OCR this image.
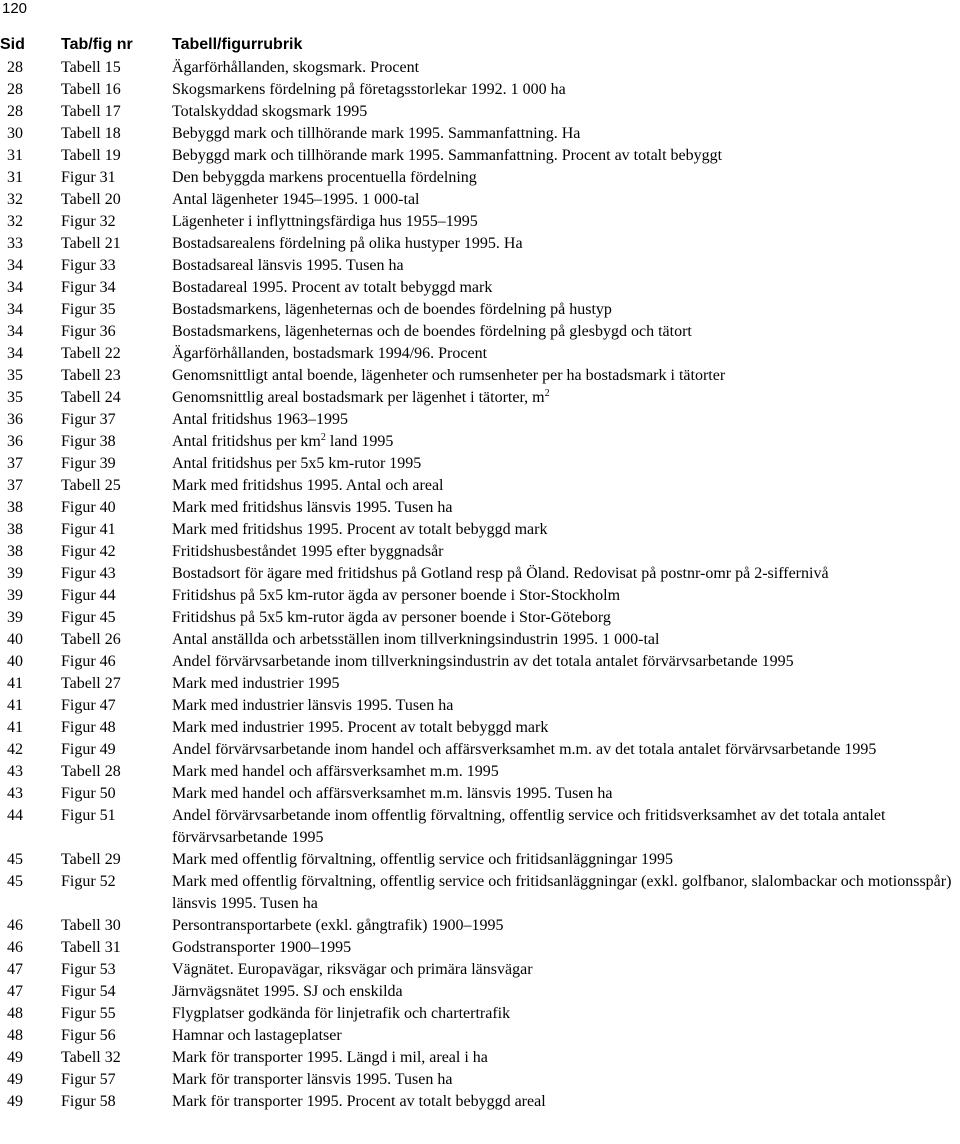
120
Sid	Tab/fig nr	Tabell/figurrubrik
28	Tabell 15	Ägarförhållanden, skogsmark. Procent
28	Tabell 16	Skogsmarkens fördelning på företagsstorlekar 1992. 1 000 ha
28	Tabell 17	Totalskyddad skogsmark 1995
30	Tabell 18	Bebyggd mark och tillhörande mark 1995. Sammanfattning. Ha
31	Tabell 19	Bebyggd mark och tillhörande mark 1995. Sammanfattning. Procent av totalt bebyggt
31	Figur 31	Den bebyggda markens procentuella fördelning
32	Tabell 20	Antal lägenheter 1945–1995. 1 000-tal
32	Figur 32	Lägenheter i inflyttningsfärdiga hus 1955–1995
33	Tabell 21	Bostadsarealens fördelning på olika hustyper 1995. Ha
34	Figur 33	Bostadsareal länsvis 1995. Tusen ha
34	Figur 34	Bostadareal 1995. Procent av totalt bebyggd mark
34	Figur 35	Bostadsmarkens, lägenheternas och de boendes fördelning på hustyp
34	Figur 36	Bostadsmarkens, lägenheternas och de boendes fördelning på glesbygd och tätort
34	Tabell 22	Ägarförhållanden, bostadsmark 1994/96. Procent
35	Tabell 23	Genomsnittligt antal boende, lägenheter och rumsenheter per ha bostadsmark i tätorter
35	Tabell 24	Genomsnittlig areal bostadsmark per lägenhet i tätorter, $m^2$
36	Figur 37	Antal fritidshus 1963–1995
36	Figur 38	Antal fritidshus per $km^2$ land 1995
37	Figur 39	Antal fritidshus per 5x5 km-rutor 1995
37	Tabell 25	Mark med fritidshus 1995. Antal och areal
38	Figur 40	Mark med fritidshus länsvis 1995. Tusen ha
38	Figur 41	Mark med fritidshus 1995. Procent av totalt bebyggd mark
38	Figur 42	Fritidshusbeståndet 1995 efter byggnadsår
39	Figur 43	Bostadsort för ägare med fritidshus på Gotland resp på Öland. Redovisat på postnr-omr på 2-siffernivå
39	Figur 44	Fritidshus på 5x5 km-rutor ägda av personer boende i Stor-Stockholm
39	Figur 45	Fritidshus på 5x5 km-rutor ägda av personer boende i Stor-Göteborg
40	Tabell 26	Antal anställda och arbetsställen inom tillverkningsindustrin 1995. 1 000-tal
40	Figur 46	Andel förvärvsarbetande inom tillverkningsindustrin av det totala antalet förvärvsarbetande 1995
41	Tabell 27	Mark med industrier 1995
41	Figur 47	Mark med industrier länsvis 1995. Tusen ha
41	Figur 48	Mark med industrier 1995. Procent av totalt bebyggd mark
42	Figur 49	Andel förvärvsarbetande inom handel och affärsverksamhet m.m. av det totala antalet förvärvsarbetande 1995
43	Tabell 28	Mark med handel och affärsverksamhet m.m. 1995
43	Figur 50	Mark med handel och affärsverksamhet m.m. länsvis 1995. Tusen ha
44	Figur 51	Andel förvärvsarbetande inom offentlig förvaltning, offentlig service och fritidsverksamhet av det totala antalet förvärvsarbetande 1995
45	Tabell 29	Mark med offentlig förvaltning, offentlig service och fritidsanläggningar 1995
45	Figur 52	Mark med offentlig förvaltning, offentlig service och fritidsanläggningar (exkl. golfbanor, slalombackar och motionsspår) länsvis 1995. Tusen ha
46	Tabell 30	Persontransportarbete (exkl. gångtrafik) 1900–1995
46	Tabell 31	Godstransporter 1900–1995
47	Figur 53	Vägnätet. Europavägar, riksvägar och primära länsvägar
47	Figur 54	Järnvägsnätet 1995. SJ och enskilda
48	Figur 55	Flygplatser godkända för linjetrafik och chartertrafik
48	Figur 56	Hamnar och lastageplatser
49	Tabell 32	Mark för transporter 1995. Längd i mil, areal i ha
49	Figur 57	Mark för transporter länsvis 1995. Tusen ha
49	Figur 58	Mark för transporter 1995. Procent av totalt bebyggd areal
